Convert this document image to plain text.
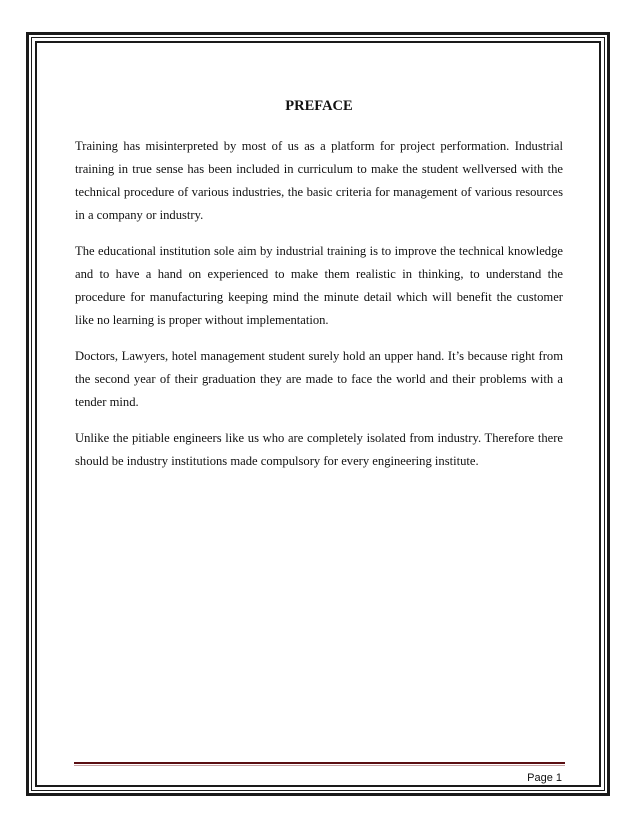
PREFACE

Training has misinterpreted by most of us as a platform for project performation. Industrial training in true sense has been included in curriculum to make the student wellversed with the technical procedure of various industries, the basic criteria for management of various resources in a company or industry.

The educational institution sole aim by industrial training is to improve the technical knowledge and to have a hand on experienced to make them realistic in thinking, to understand the procedure for manufacturing keeping mind the minute detail which will benefit the customer like no learning is proper without implementation.

Doctors, Lawyers, hotel management student surely hold an upper hand. It’s because right from the second year of their graduation they are made to face the world and their problems with a tender mind.

Unlike the pitiable engineers like us who are completely isolated from industry. Therefore there should be industry institutions made compulsory for every engineering institute.

Page 1
